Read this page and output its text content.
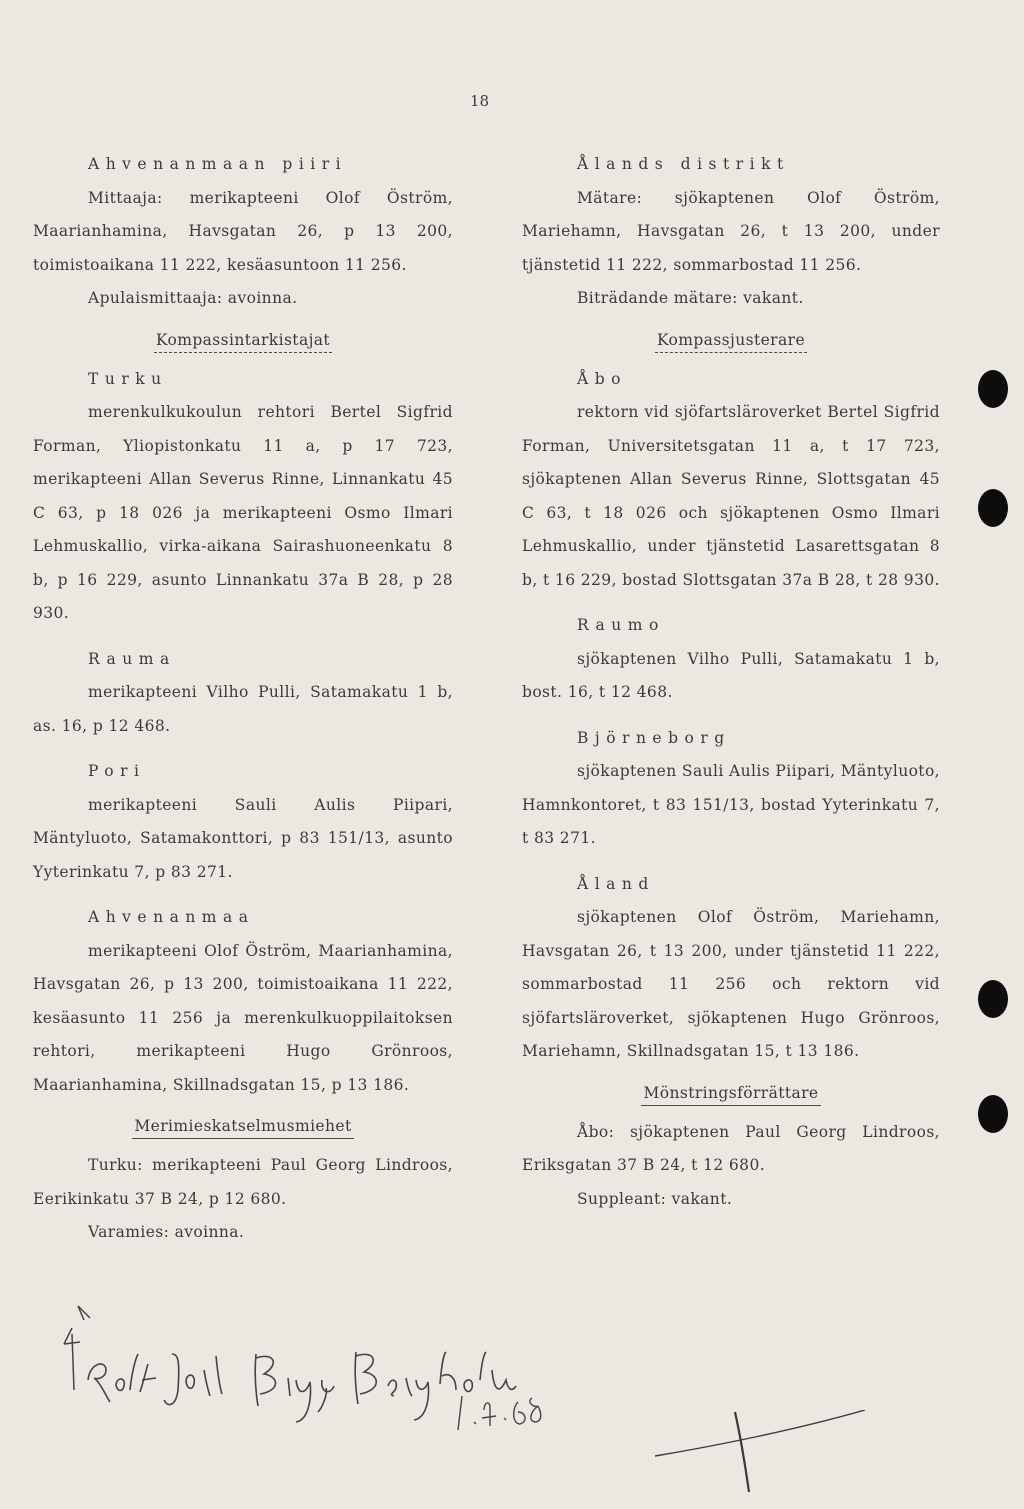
18

Ahvenanmaan piiri

Mittaaja: merikapteeni Olof Öström, Maarianhamina, Havsgatan 26, p 13 200, toimistoaikana 11 222, kesäasuntoon 11 256.

Apulaismittaaja: avoinna.

Kompassintarkistajat

Turku

merenkulkukoulun rehtori Bertel Sigfrid Forman, Yliopistonkatu 11 a, p 17 723, merikapteeni Allan Severus Rinne, Linnankatu 45 C 63, p 18 026 ja merikapteeni Osmo Ilmari Lehmuskallio, virka-aikana Sairashuoneenkatu 8 b, p 16 229, asunto Linnankatu 37a B 28, p 28 930.

Rauma

merikapteeni Vilho Pulli, Satamakatu 1 b, as. 16, p 12 468.

Pori

merikapteeni Sauli Aulis Piipari, Mäntyluoto, Satamakonttori, p 83 151/13, asunto Yyterinkatu 7, p 83 271.

Ahvenanmaa

merikapteeni Olof Öström, Maarianhamina, Havsgatan 26, p 13 200, toimistoaikana 11 222, kesäasunto 11 256 ja merenkulkuoppilaitoksen rehtori, merikapteeni Hugo Grönroos, Maarianhamina, Skillnadsgatan 15, p 13 186.

Merimieskatselmusmiehet

Turku: merikapteeni Paul Georg Lindroos, Eerikinkatu 37 B 24, p 12 680.

Varamies: avoinna.

Ålands distrikt

Mätare: sjökaptenen Olof Öström, Mariehamn, Havsgatan 26, t 13 200, under tjänstetid 11 222, sommarbostad 11 256.

Biträdande mätare: vakant.

Kompassjusterare

Åbo

rektorn vid sjöfartsläroverket Bertel Sigfrid Forman, Universitetsgatan 11 a, t 17 723, sjökaptenen Allan Severus Rinne, Slottsgatan 45 C 63, t 18 026 och sjökaptenen Osmo Ilmari Lehmuskallio, under tjänstetid Lasarettsgatan 8 b, t 16 229, bostad Slottsgatan 37a B 28, t 28 930.

Raumo

sjökaptenen Vilho Pulli, Satamakatu 1 b, bost. 16, t 12 468.

Björneborg

sjökaptenen Sauli Aulis Piipari, Mäntyluoto, Hamnkontoret, t 83 151/13, bostad Yyterinkatu 7, t 83 271.

Åland

sjökaptenen Olof Öström, Mariehamn, Havsgatan 26, t 13 200, under tjänstetid 11 222, sommarbostad 11 256 och rektorn vid sjöfartsläroverket, sjökaptenen Hugo Grönroos, Mariehamn, Skillnadsgatan 15, t 13 186.

Mönstringsförrättare

Åbo: sjökaptenen Paul Georg Lindroos, Eriksgatan 37 B 24, t 12 680.

Suppleant: vakant.
